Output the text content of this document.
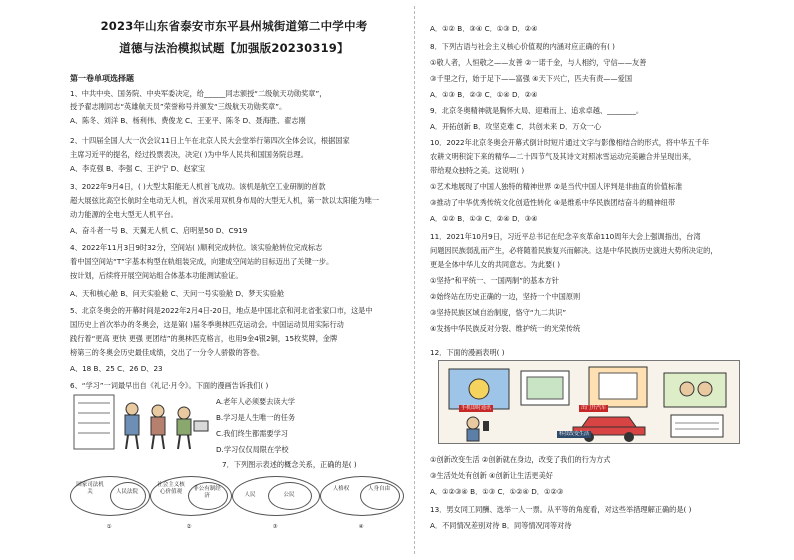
2023年山东省泰安市东平县州城街道第二中学中考
道德与法治模拟试题【加强版20230319】
第一卷单项选择题
1、中共中央、国务院、中央军委决定，给______同志颁授“二级航天功勋奖章”，
授予翟志刚同志“英雄航天员”荣誉称号并颁发“三级航天功勋奖章”。
A、陈冬、刘洋 B、杨利伟、费俊龙 C、王亚平、陈冬 D、聂海胜、翟志刚
2、十四届全国人大一次会议11日上午在北京人民大会堂举行第四次全体会议，根据国家
主席习近平的提名，经过投票表决，决定( )为中华人民共和国国务院总理。
A、李克强 B、李强 C、王沪宁 D、赵家宝
3、2022年9月4日，( )大型太阳能无人机首飞成功。该机是航空工业研制的首款
超大展弦比高空长航时全电动无人机，首次采用双机身布局的大型无人机，第一款以太阳能为唯一
动力能源的全电大型无人机平台。
A、奋斗者一号 B、天翼无人机 C、启明星50 D、C919
4、2022年11月3日9时32分，空间站( )顺利完成转位。该实验舱转位完成标志
着中国空间站“T”字基本构型在轨组装完成，向建成空间站的目标迈出了关键一步。
按计划，后续将开展空间站组合体基本功能测试验证。
A、天和核心舱 B、问天实验舱 C、天问一号实验舱 D、梦天实验舱
5、北京冬奥会的开幕时间是2022年2月4日-20日，地点是中国北京和河北省张家口市，这是中
国历史上首次举办的冬奥会，这是第( )届冬季奥林匹克运动会。中国运动员用实际行动
践行着“更高 更快 更强 更团结”的奥林匹克格言，也用9金4银2铜，15枚奖牌，金牌
榜第三的冬奥会历史最佳成绩，交出了一分令人骄傲的答卷。
A、18 B、25 C、26 D、23
6、“学习”一词最早出自《礼记·月令》。下面的漫画告诉我们( )
A.老年人必须要去读大学
B.学习是人生唯一的任务
C.我们终生都需要学习
D.学习仅仅局限在学校
7．下列图示表述的概念关系，正确的是( )
国家司法机关	人民法院
①
社会主义核心价值观	非公有制经济
②
人民	公民
③
人格权	人身自由
④
A．①② B．③④ C．①③ D．②④
8．下列古语与社会主义核心价值观的内涵对应正确的有( )
①敬人者，人恒敬之——友善 ②一诺千金，与人相约，守信——友善
③千里之行，始于足下——富强 ④天下兴亡，匹夫有责——爱国
A．①③ B．②③ C．①④ D．②④
9．北京冬奥精神就是胸怀大局、迎难而上、追求卓越、________。
A．开拓创新 B．攻坚克难 C．共创未来 D．万众一心
10．2022年北京冬奥会开幕式倒计时短片通过文字与影像相结合的形式，将中华五千年
农耕文明积淀下来的精华—二十四节气及其诗文对照冰雪运动完美融合并呈现出来，
带给观众独特之美。这说明( )
①艺术地展现了中国人独特的精神世界 ②是当代中国人评判是非曲直的价值标准
③推动了中华优秀传统文化创造性转化 ④是维系中华民族团结奋斗的精神纽带
A．①② B．①③ C．②④ D．③④
11．2021年10月9日，习近平总书记在纪念辛亥革命110周年大会上强调指出，台湾
问题因民族弱乱而产生，必将随着民族复兴而解决。这是中华民族历史演进大势所决定的，
更是全体中华儿女的共同意志。为此要( )
①坚持“和平统一、一国两制”的基本方针
②始终站在历史正确的一边，坚持一个中国原则
③坚持民族区域自治制度，恪守“九二共识”
④发扬中华民族反对分裂、维护统一的光荣传统
12．下面的漫画表明( )
手机即时通讯	出门开汽车
科技改变生活
①创新改变生活 ②创新就在身边，改变了我们的行为方式
③生活处处有创新 ④创新让生活更美好
A．①②③④ B．①③ C．①②④ D．①②③
13．男女同工同酬、选举一人一票。从平等的角度看，对这些举措理解正确的是( )
A．不同情况差别对待 B．同等情况同等对待
